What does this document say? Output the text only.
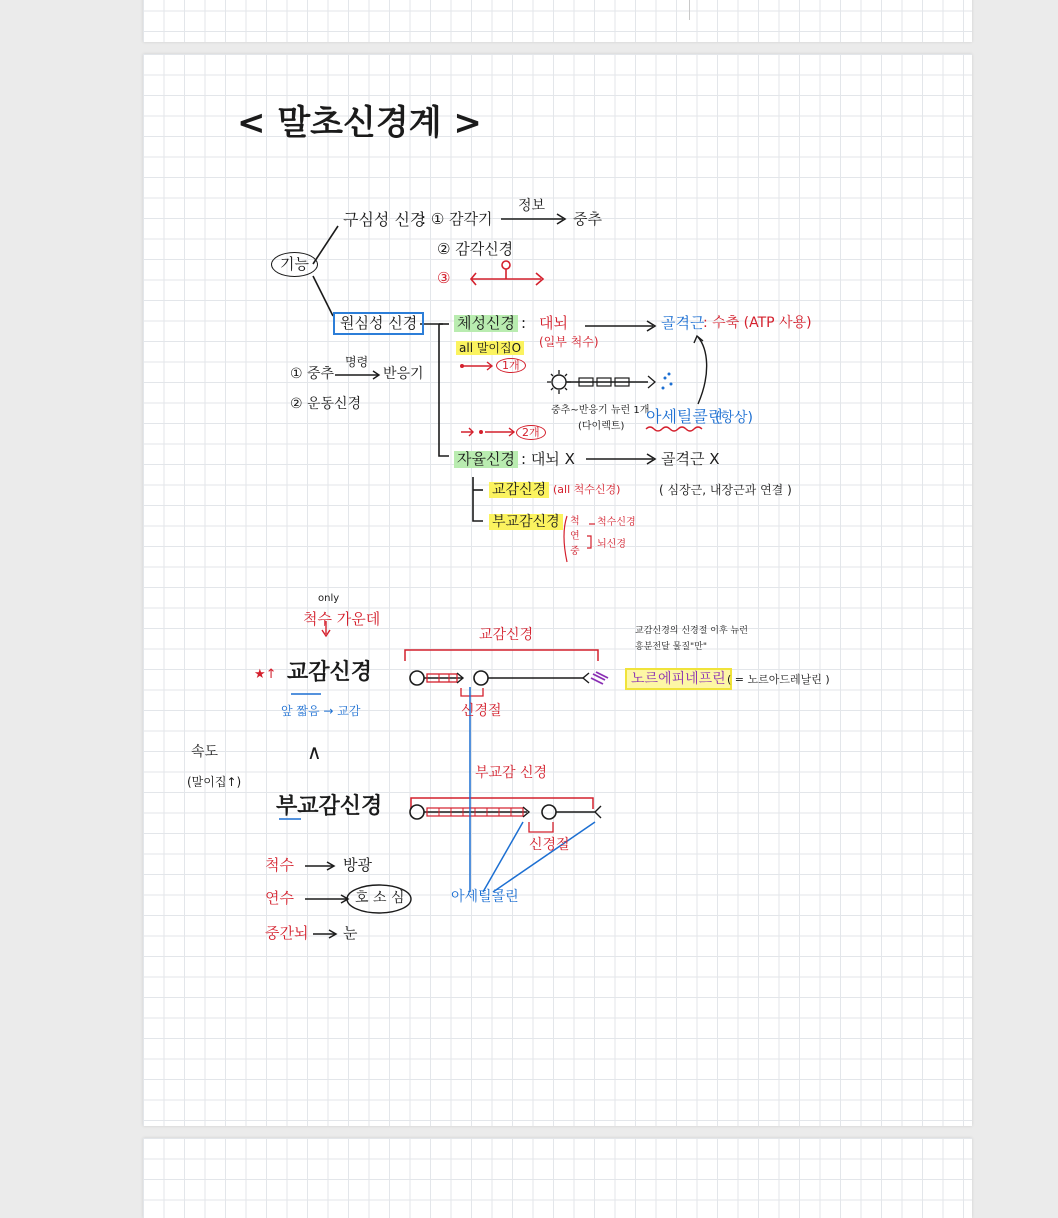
< 말초신경계 >
기능
구심성 신경
: ① 감각기
정보
중추
② 감각신경
③
원심성 신경
① 중추
명령
반응기
② 운동신경
체성신경 : 대뇌
(일부 척수)
all 말이집O
1개
골격근
: 수축 (ATP 사용)
중추~반응기 뉴런 1개
(다이렉트)
아세틸콜린
(항상)
2개
자율신경 : 대뇌 X	골격근 X
( 심장근, 내장근과 연결 )
교감신경 (all 척수신경)
부교감신경	척
연
중
척수신경
뇌신경
only
척수 가운데
★↑ 교감신경
앞 짧음 → 교감
속도
(말이집↑)
∧
부교감신경
척수	방광
연수	호 소 심
중간뇌 눈
교감신경
신경절
부교감 신경
신경절
아세틸콜린
교감신경의 신경절 이후 뉴런
흥분전달 물질"만"
노르에피네프린 ( = 노르아드레날린 )
